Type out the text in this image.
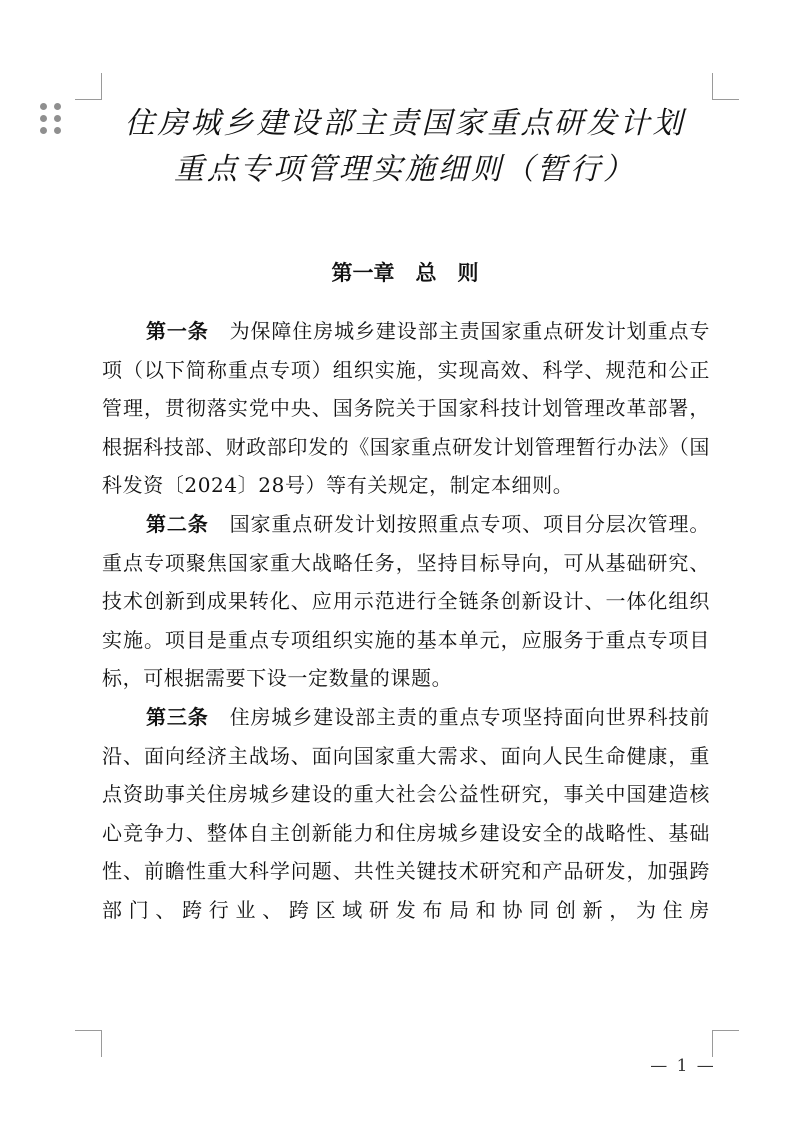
住房城乡建设部主责国家重点研发计划
重点专项管理实施细则（暂行）
第一章　总　则

第一条　 为保障住房城乡建设部主责国家重点研发计划重点专项（以下简称重点专项）组织实施，实现高效、科学、规范和公正管理，贯彻落实党中央、国务院关于国家科技计划管理改革部署，根据科技部、财政部印发的《国家重点研发计划管理暂行办法》（国科发资〔2024〕28号）等有关规定，制定本细则。

第二条　 国家重点研发计划按照重点专项、项目分层次管理。重点专项聚焦国家重大战略任务，坚持目标导向，可从基础研究、技术创新到成果转化、应用示范进行全链条创新设计、一体化组织实施。项目是重点专项组织实施的基本单元，应服务于重点专项目标，可根据需要下设一定数量的课题。

第三条　 住房城乡建设部主责的重点专项坚持面向世界科技前沿、面向经济主战场、面向国家重大需求、面向人民生命健康，重点资助事关住房城乡建设的重大社会公益性研究，事关中国建造核心竞争力、整体自主创新能力和住房城乡建设安全的战略性、基础性、前瞻性重大科学问题、共性关键技术研究和产品研发，加强跨部门、跨行业、跨区域研发布局和协同创新，为住房

— 1 —
